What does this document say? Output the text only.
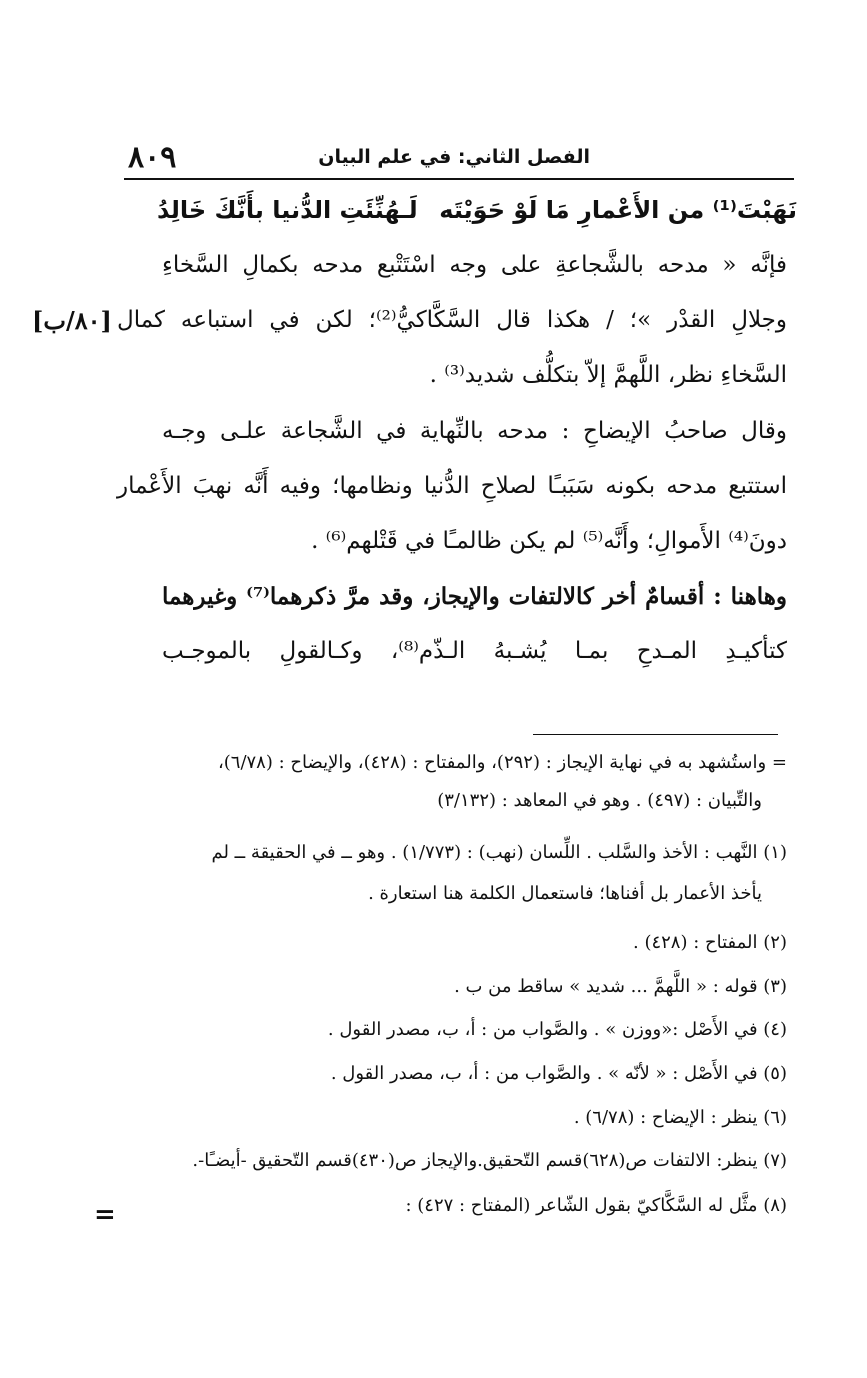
٨٠٩	الفصل الثاني: في علم البيان
نَهَبْتَ⁽¹⁾ من الأَعْمارِ مَا لَوْ حَوَيْتَه
لَـهُنِّئَتِ الدُّنيا بأَنَّكَ خَالِدُ
[٨٠/ب]
فإنَّه « مدحه بالشَّجاعةِ على وجه اسْتَتْبع مدحه بكمالِ السَّخاءِ
وجلالِ القدْر »؛ / هكذا قال السَّكَّاكيُّ⁽²⁾؛ لكن في استباعه كمال
السَّخاءِ نظر، اللَّهمَّ إلاّ بتكلُّف شديد⁽³⁾ .
وقال صاحبُ الإيضاحِ : مدحه بالنِّهاية في الشَّجاعة علـى وجـه
استتبع مدحه بكونه سَبَبـًا لصلاحِ الدُّنيا ونظامها؛ وفيه أَنَّه نهبَ الأَعْمار
دونَ⁽⁴⁾ الأَموالِ؛ وأَنَّه⁽⁵⁾ لم يكن ظالمـًا في قَتْلهم⁽⁶⁾ .
وهاهنا : أقسامٌ أخر كالالتفات والإيجاز، وقد مرَّ ذكرهما⁽⁷⁾ وغيرهما
كتأكيـدِ المـدحِ بمـا يُشـبهُ الـذّم⁽⁸⁾، وكـالقولِ بالموجـب
= واستُشهد به في نهاية الإيجاز : (٢٩٢)، والمفتاح : (٤٢٨)، والإيضاح : (٦/٧٨)،
والتِّبيان : (٤٩٧) . وهو في المعاهد : (٣/١٣٢)
(١) النَّهب : الأخذ والسَّلب . اللِّسان (نهب) : (١/٧٧٣) . وهو ــ في الحقيقة ــ لم
يأخذ الأعمار بل أفناها؛ فاستعمال الكلمة هنا استعارة .
(٢) المفتاح : (٤٢٨) .
(٣) قوله : « اللَّهمَّ ... شديد » ساقط من ب .
(٤) في الأَصْل :«ووزن » . والصَّواب من : أ، ب، مصدر القول .
(٥) في الأَصْل : « لأنّه » . والصَّواب من : أ، ب، مصدر القول .
(٦) ينظر : الإيضاح : (٦/٧٨) .
(٧) ينظر: الالتفات ص(٦٢٨)قسم التّحقيق.والإيجاز ص(٤٣٠)قسم التّحقيق -أيضـًا-.
(٨) مثَّل له السَّكَّاكيّ بقول الشّاعر (المفتاح : ٤٢٧) :
=
